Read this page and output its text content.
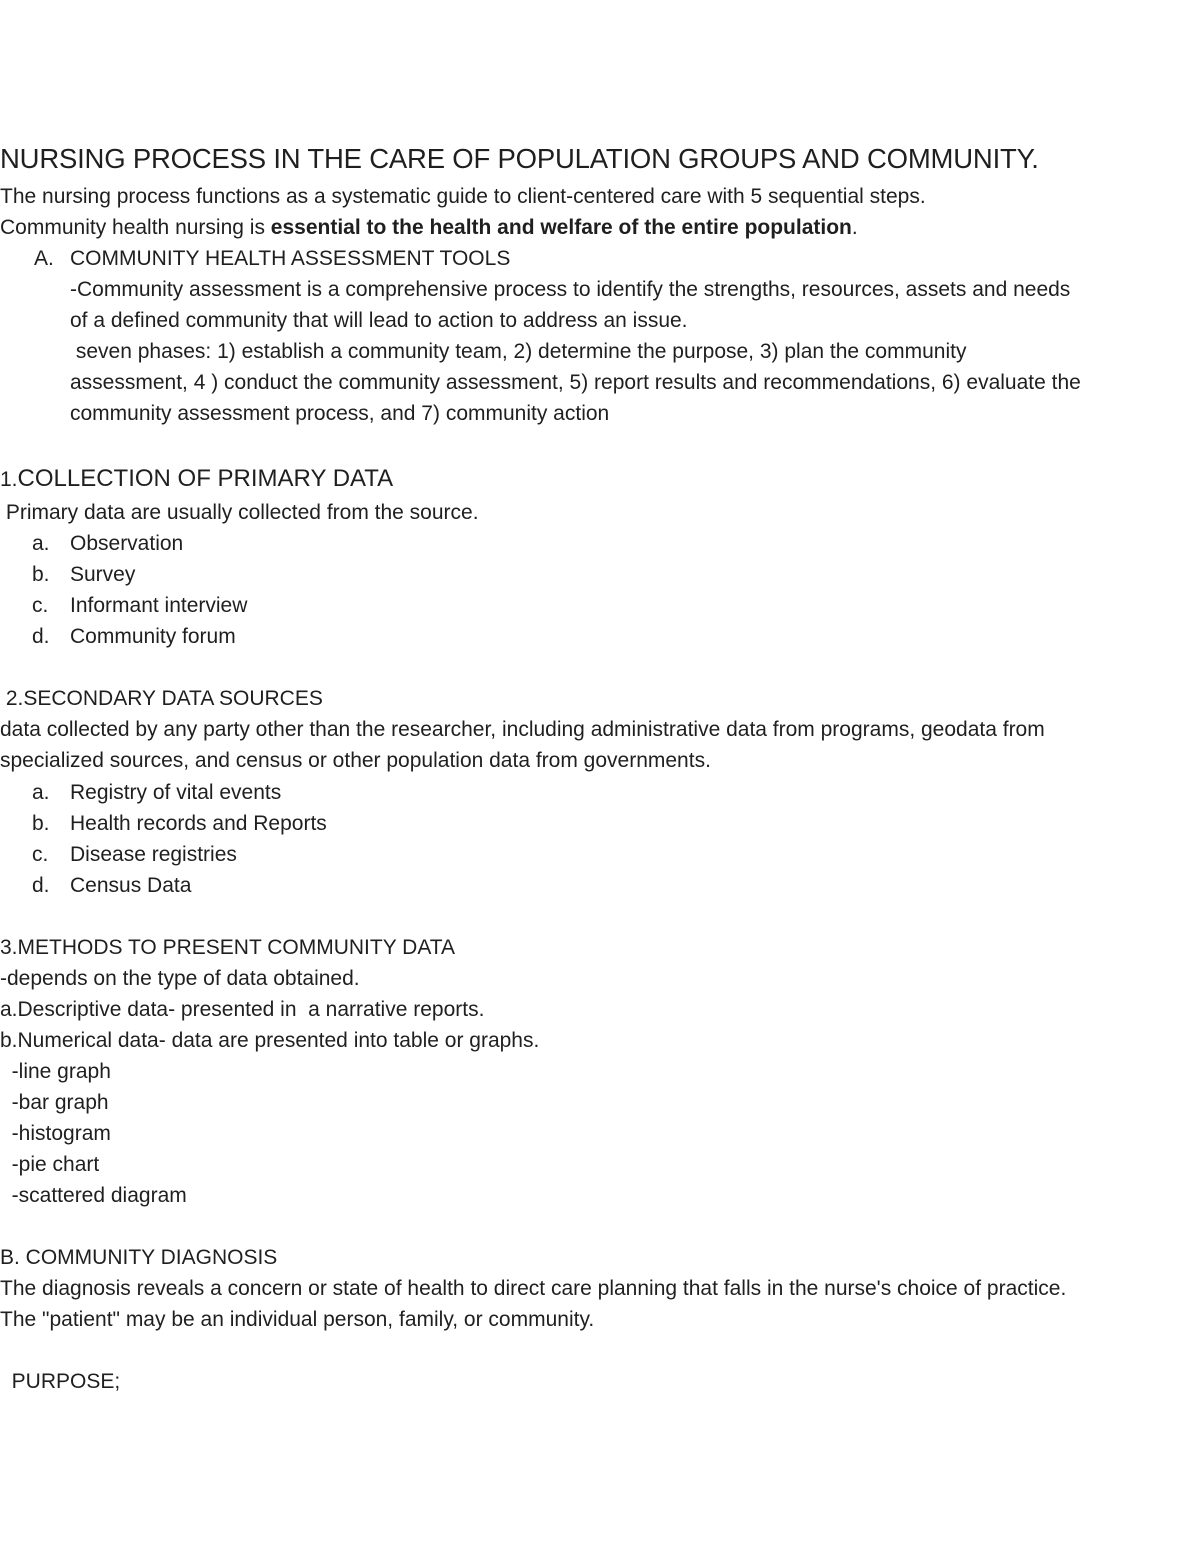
NURSING PROCESS IN THE CARE OF POPULATION GROUPS AND COMMUNITY.
The nursing process functions as a systematic guide to client-centered care with 5 sequential steps.
Community health nursing is essential to the health and welfare of the entire population.
A. COMMUNITY HEALTH ASSESSMENT TOOLS
-Community assessment is a comprehensive process to identify the strengths, resources, assets and needs
of a defined community that will lead to action to address an issue.
seven phases: 1) establish a community team, 2) determine the purpose, 3) plan the community
assessment, 4 ) conduct the community assessment, 5) report results and recommendations, 6) evaluate the
community assessment process, and 7) community action
1.COLLECTION OF PRIMARY DATA
Primary data are usually collected from the source.
a. Observation
b. Survey
c. Informant interview
d. Community forum
2.SECONDARY DATA SOURCES
data collected by any party other than the researcher, including administrative data from programs, geodata from
specialized sources, and census or other population data from governments.
a. Registry of vital events
b. Health records and Reports
c. Disease registries
d. Census Data
3.METHODS TO PRESENT COMMUNITY DATA
-depends on the type of data obtained.
a.Descriptive data- presented in  a narrative reports.
b.Numerical data- data are presented into table or graphs.
-line graph
-bar graph
-histogram
-pie chart
-scattered diagram
B. COMMUNITY DIAGNOSIS
The diagnosis reveals a concern or state of health to direct care planning that falls in the nurse's choice of practice.
The "patient" may be an individual person, family, or community.
PURPOSE;
